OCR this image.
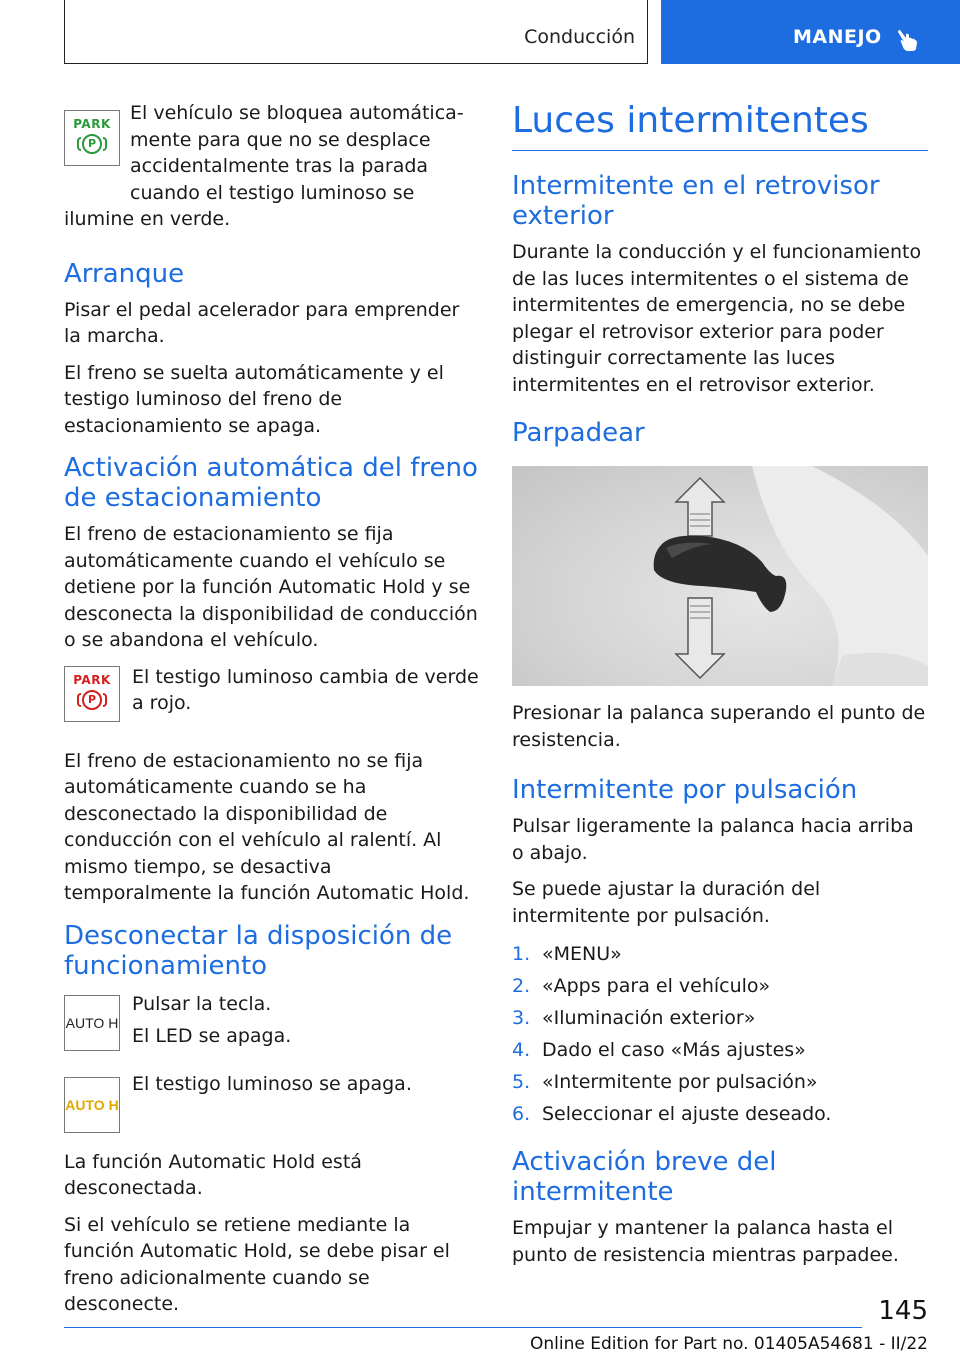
Conducción	MANEJO
PARK
P

El vehículo se bloquea automáticamente para que no se desplace accidentalmente tras la parada cuando el testigo luminoso se ilumine en verde.

Arranque

Pisar el pedal acelerador para emprender la marcha.

El freno se suelta automáticamente y el testigo luminoso del freno de estacionamiento se apaga.

Activación automática del freno de estacionamiento

El freno de estacionamiento se fija automáticamente cuando el vehículo se detiene por la función Automatic Hold y se desconecta la disponibilidad de conducción o se abandona el vehículo.

PARK
P

El testigo luminoso cambia de verde a rojo.

El freno de estacionamiento no se fija automáticamente cuando se ha desconectado la disponibilidad de conducción con el vehículo al ralentí. Al mismo tiempo, se desactiva temporalmente la función Automatic Hold.

Desconectar la disposición de funcionamiento
AUTO H

Pulsar la tecla.

El LED se apaga.

AUTO H

El testigo luminoso se apaga.

La función Automatic Hold está desconectada.

Si el vehículo se retiene mediante la función Automatic Hold, se debe pisar el freno adicionalmente cuando se desconecte.

Luces intermitentes
Intermitente en el retrovisor exterior

Durante la conducción y el funcionamiento de las luces intermitentes o el sistema de intermitentes de emergencia, no se debe plegar el retrovisor exterior para poder distinguir correctamente las luces intermitentes en el retrovisor exterior.

Parpadear

Presionar la palanca superando el punto de resistencia.

Intermitente por pulsación

Pulsar ligeramente la palanca hacia arriba o abajo.

Se puede ajustar la duración del intermitente por pulsación.

1. «MENU»
2. «Apps para el vehículo»
3. «Iluminación exterior»
4. Dado el caso «Más ajustes»
5. «Intermitente por pulsación»
6. Seleccionar el ajuste deseado.
Activación breve del intermitente

Empujar y mantener la palanca hasta el punto de resistencia mientras parpadee.

145
Online Edition for Part no. 01405A54681 - II/22
